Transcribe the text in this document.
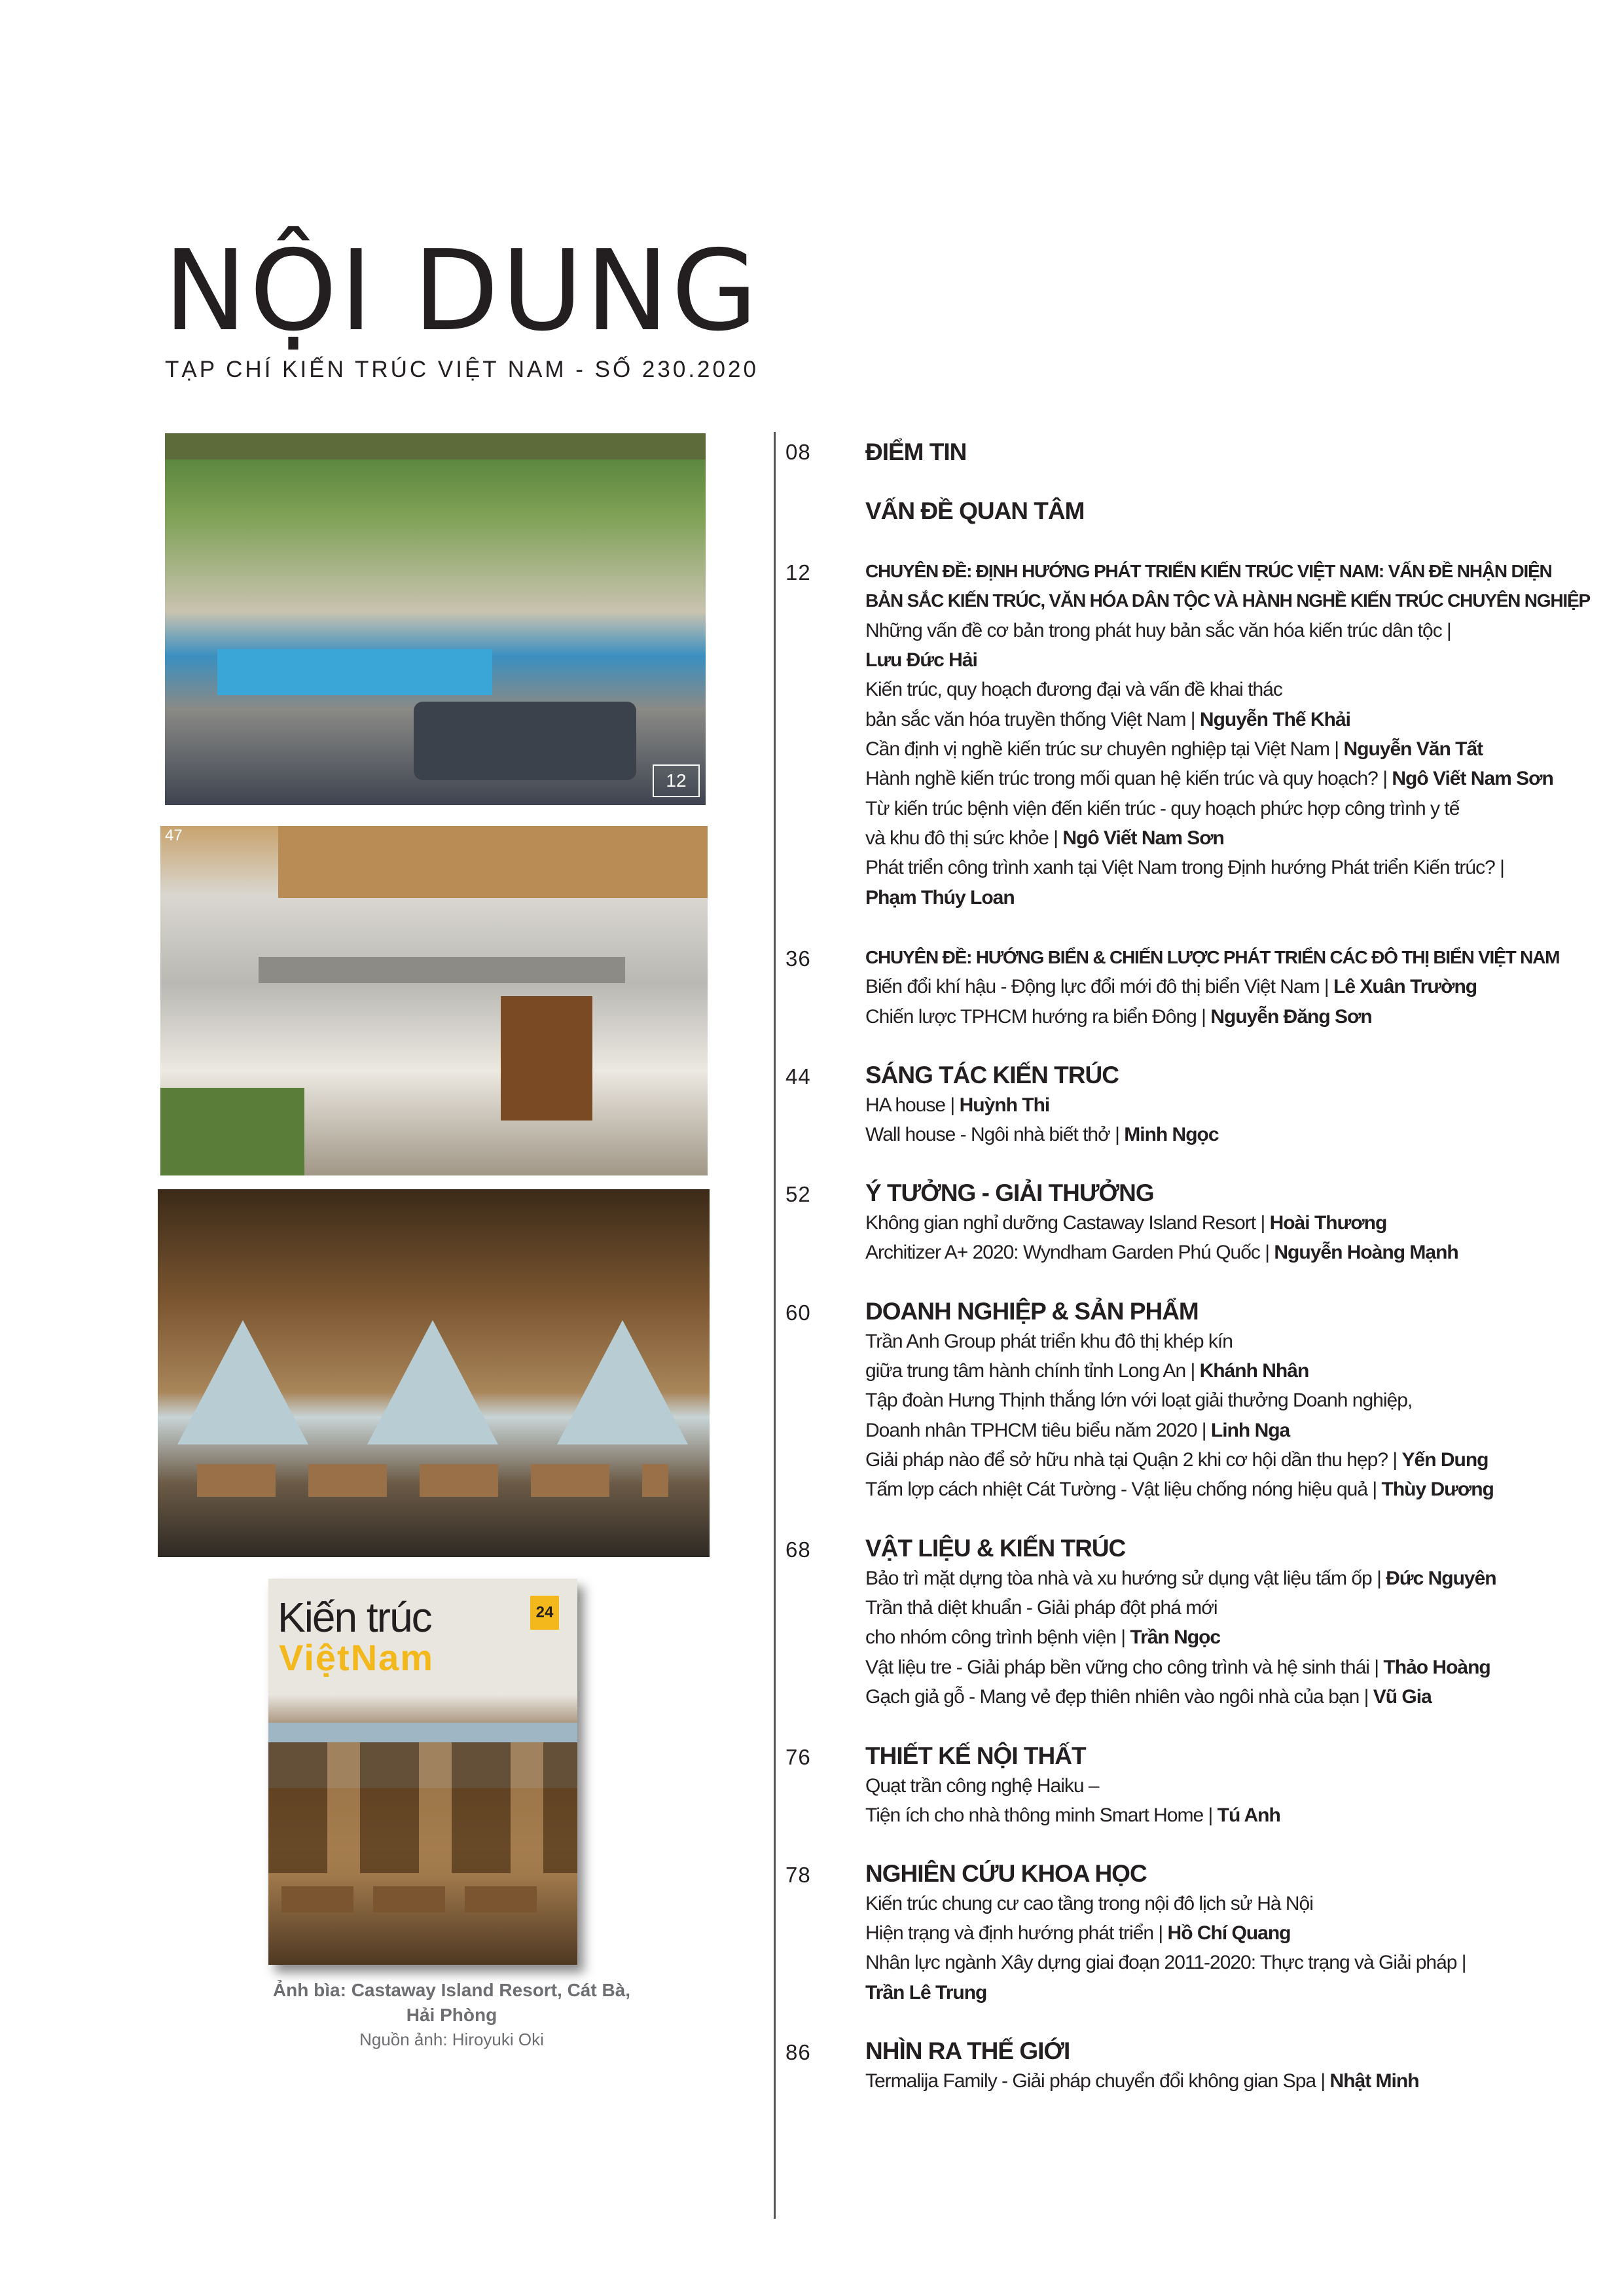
NỘI DUNG
TẠP CHÍ KIẾN TRÚC VIỆT NAM - SỐ 230.2020
12
47
Kiến trúc
ViệtNam
24
Ảnh bìa: Castaway Island Resort, Cát Bà, Hải Phòng
Nguồn ảnh: Hiroyuki Oki
08	ĐIỂM TIN
VẤN ĐỀ QUAN TÂM
12	CHUYÊN ĐỀ: ĐỊNH HƯỚNG PHÁT TRIỂN KIẾN TRÚC VIỆT NAM: VẤN ĐỀ NHẬN DIỆN
BẢN SẮC KIẾN TRÚC, VĂN HÓA DÂN TỘC VÀ HÀNH NGHỀ KIẾN TRÚC CHUYÊN NGHIỆP
Những vấn đề cơ bản trong phát huy bản sắc văn hóa kiến trúc dân tộc |
Lưu Đức Hải
Kiến trúc, quy hoạch đương đại và vấn đề khai thác
bản sắc văn hóa truyền thống Việt Nam | Nguyễn Thế Khải
Cần định vị nghề kiến trúc sư chuyên nghiệp tại Việt Nam | Nguyễn Văn Tất
Hành nghề kiến trúc trong mối quan hệ kiến trúc và quy hoạch? | Ngô Viết Nam Sơn
Từ kiến trúc bệnh viện đến kiến trúc - quy hoạch phức hợp công trình y tế
và khu đô thị sức khỏe | Ngô Viết Nam Sơn
Phát triển công trình xanh tại Việt Nam trong Định hướng Phát triển Kiến trúc? |
Phạm Thúy Loan
36	CHUYÊN ĐỀ: HƯỚNG BIỂN & CHIẾN LƯỢC PHÁT TRIỂN CÁC ĐÔ THỊ BIỂN VIỆT NAM
Biến đổi khí hậu - Động lực đổi mới đô thị biển Việt Nam | Lê Xuân Trường
Chiến lược TPHCM hướng ra biển Đông | Nguyễn Đăng Sơn
44	SÁNG TÁC KIẾN TRÚC
HA house | Huỳnh Thi
Wall house - Ngôi nhà biết thở | Minh Ngọc
52	Ý TƯỞNG - GIẢI THƯỞNG
Không gian nghỉ dưỡng Castaway Island Resort | Hoài Thương
Architizer A+ 2020: Wyndham Garden Phú Quốc | Nguyễn Hoàng Mạnh
60	DOANH NGHIỆP & SẢN PHẨM
Trần Anh Group phát triển khu đô thị khép kín
giữa trung tâm hành chính tỉnh Long An | Khánh Nhân
Tập đoàn Hưng Thịnh thắng lớn với loạt giải thưởng Doanh nghiệp,
Doanh nhân TPHCM tiêu biểu năm 2020 | Linh Nga
Giải pháp nào để sở hữu nhà tại Quận 2 khi cơ hội dần thu hẹp? | Yến Dung
Tấm lợp cách nhiệt Cát Tường - Vật liệu chống nóng hiệu quả | Thùy Dương
68	VẬT LIỆU & KIẾN TRÚC
Bảo trì mặt dựng tòa nhà và xu hướng sử dụng vật liệu tấm ốp | Đức Nguyên
Trần thả diệt khuẩn - Giải pháp đột phá mới
cho nhóm công trình bệnh viện | Trần Ngọc
Vật liệu tre - Giải pháp bền vững cho công trình và hệ sinh thái | Thảo Hoàng
Gạch giả gỗ - Mang vẻ đẹp thiên nhiên vào ngôi nhà của bạn | Vũ Gia
76	THIẾT KẾ NỘI THẤT
Quạt trần công nghệ Haiku –
Tiện ích cho nhà thông minh Smart Home | Tú Anh
78	NGHIÊN CỨU KHOA HỌC
Kiến trúc chung cư cao tầng trong nội đô lịch sử Hà Nội
Hiện trạng và định hướng phát triển | Hồ Chí Quang
Nhân lực ngành Xây dựng giai đoạn 2011-2020: Thực trạng và Giải pháp |
Trần Lê Trung
86	NHÌN RA THẾ GIỚI
Termalija Family - Giải pháp chuyển đổi không gian Spa | Nhật Minh
